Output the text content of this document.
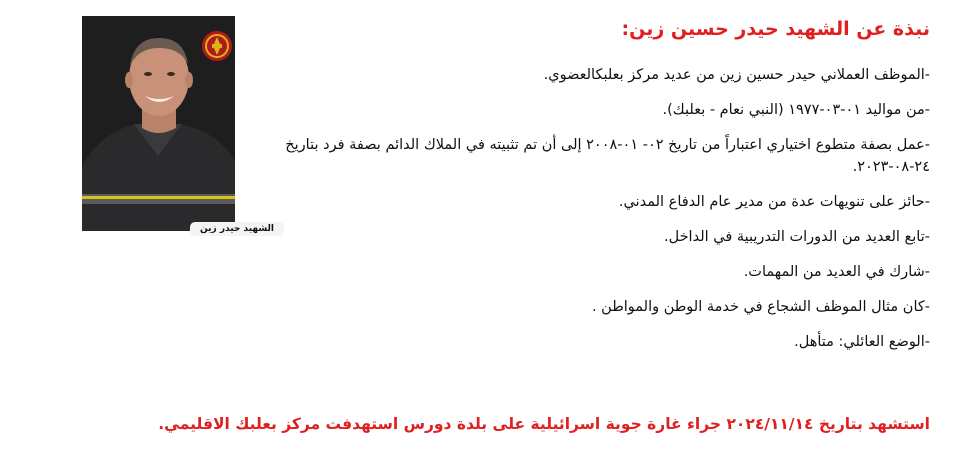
الشهيد حيدر زين
نبذة عن الشهيد حيدر حسين زين:

-الموظف العملاني حيدر حسين زين من عديد مركز بعلبكالعضوي.

-من مواليد ٠١-٠٣-١٩٧٧ (النبي نعام - بعلبك).

-عمل بصفة متطوع اختياري اعتباراً من تاريخ ٠٢- ٠١-٢٠٠٨ إلى أن تم تثبيته في الملاك الدائم بصفة فرد بتاريخ ٢٤-٠٨-٢٠٢٣.

-حائز على تنويهات عدة من مدير عام الدفاع المدني.

-تابع العديد من الدورات التدريبية في الداخل.

-شارك في العديد من المهمات.

-كان مثال الموظف الشجاع في خدمة الوطن والمواطن .

-الوضع العائلي: متأهل.

استشهد بتاريخ ٢٠٢٤/١١/١٤ جراء غارة جوية اسرائيلية على بلدة دورس استهدفت مركز بعلبك الاقليمي.
